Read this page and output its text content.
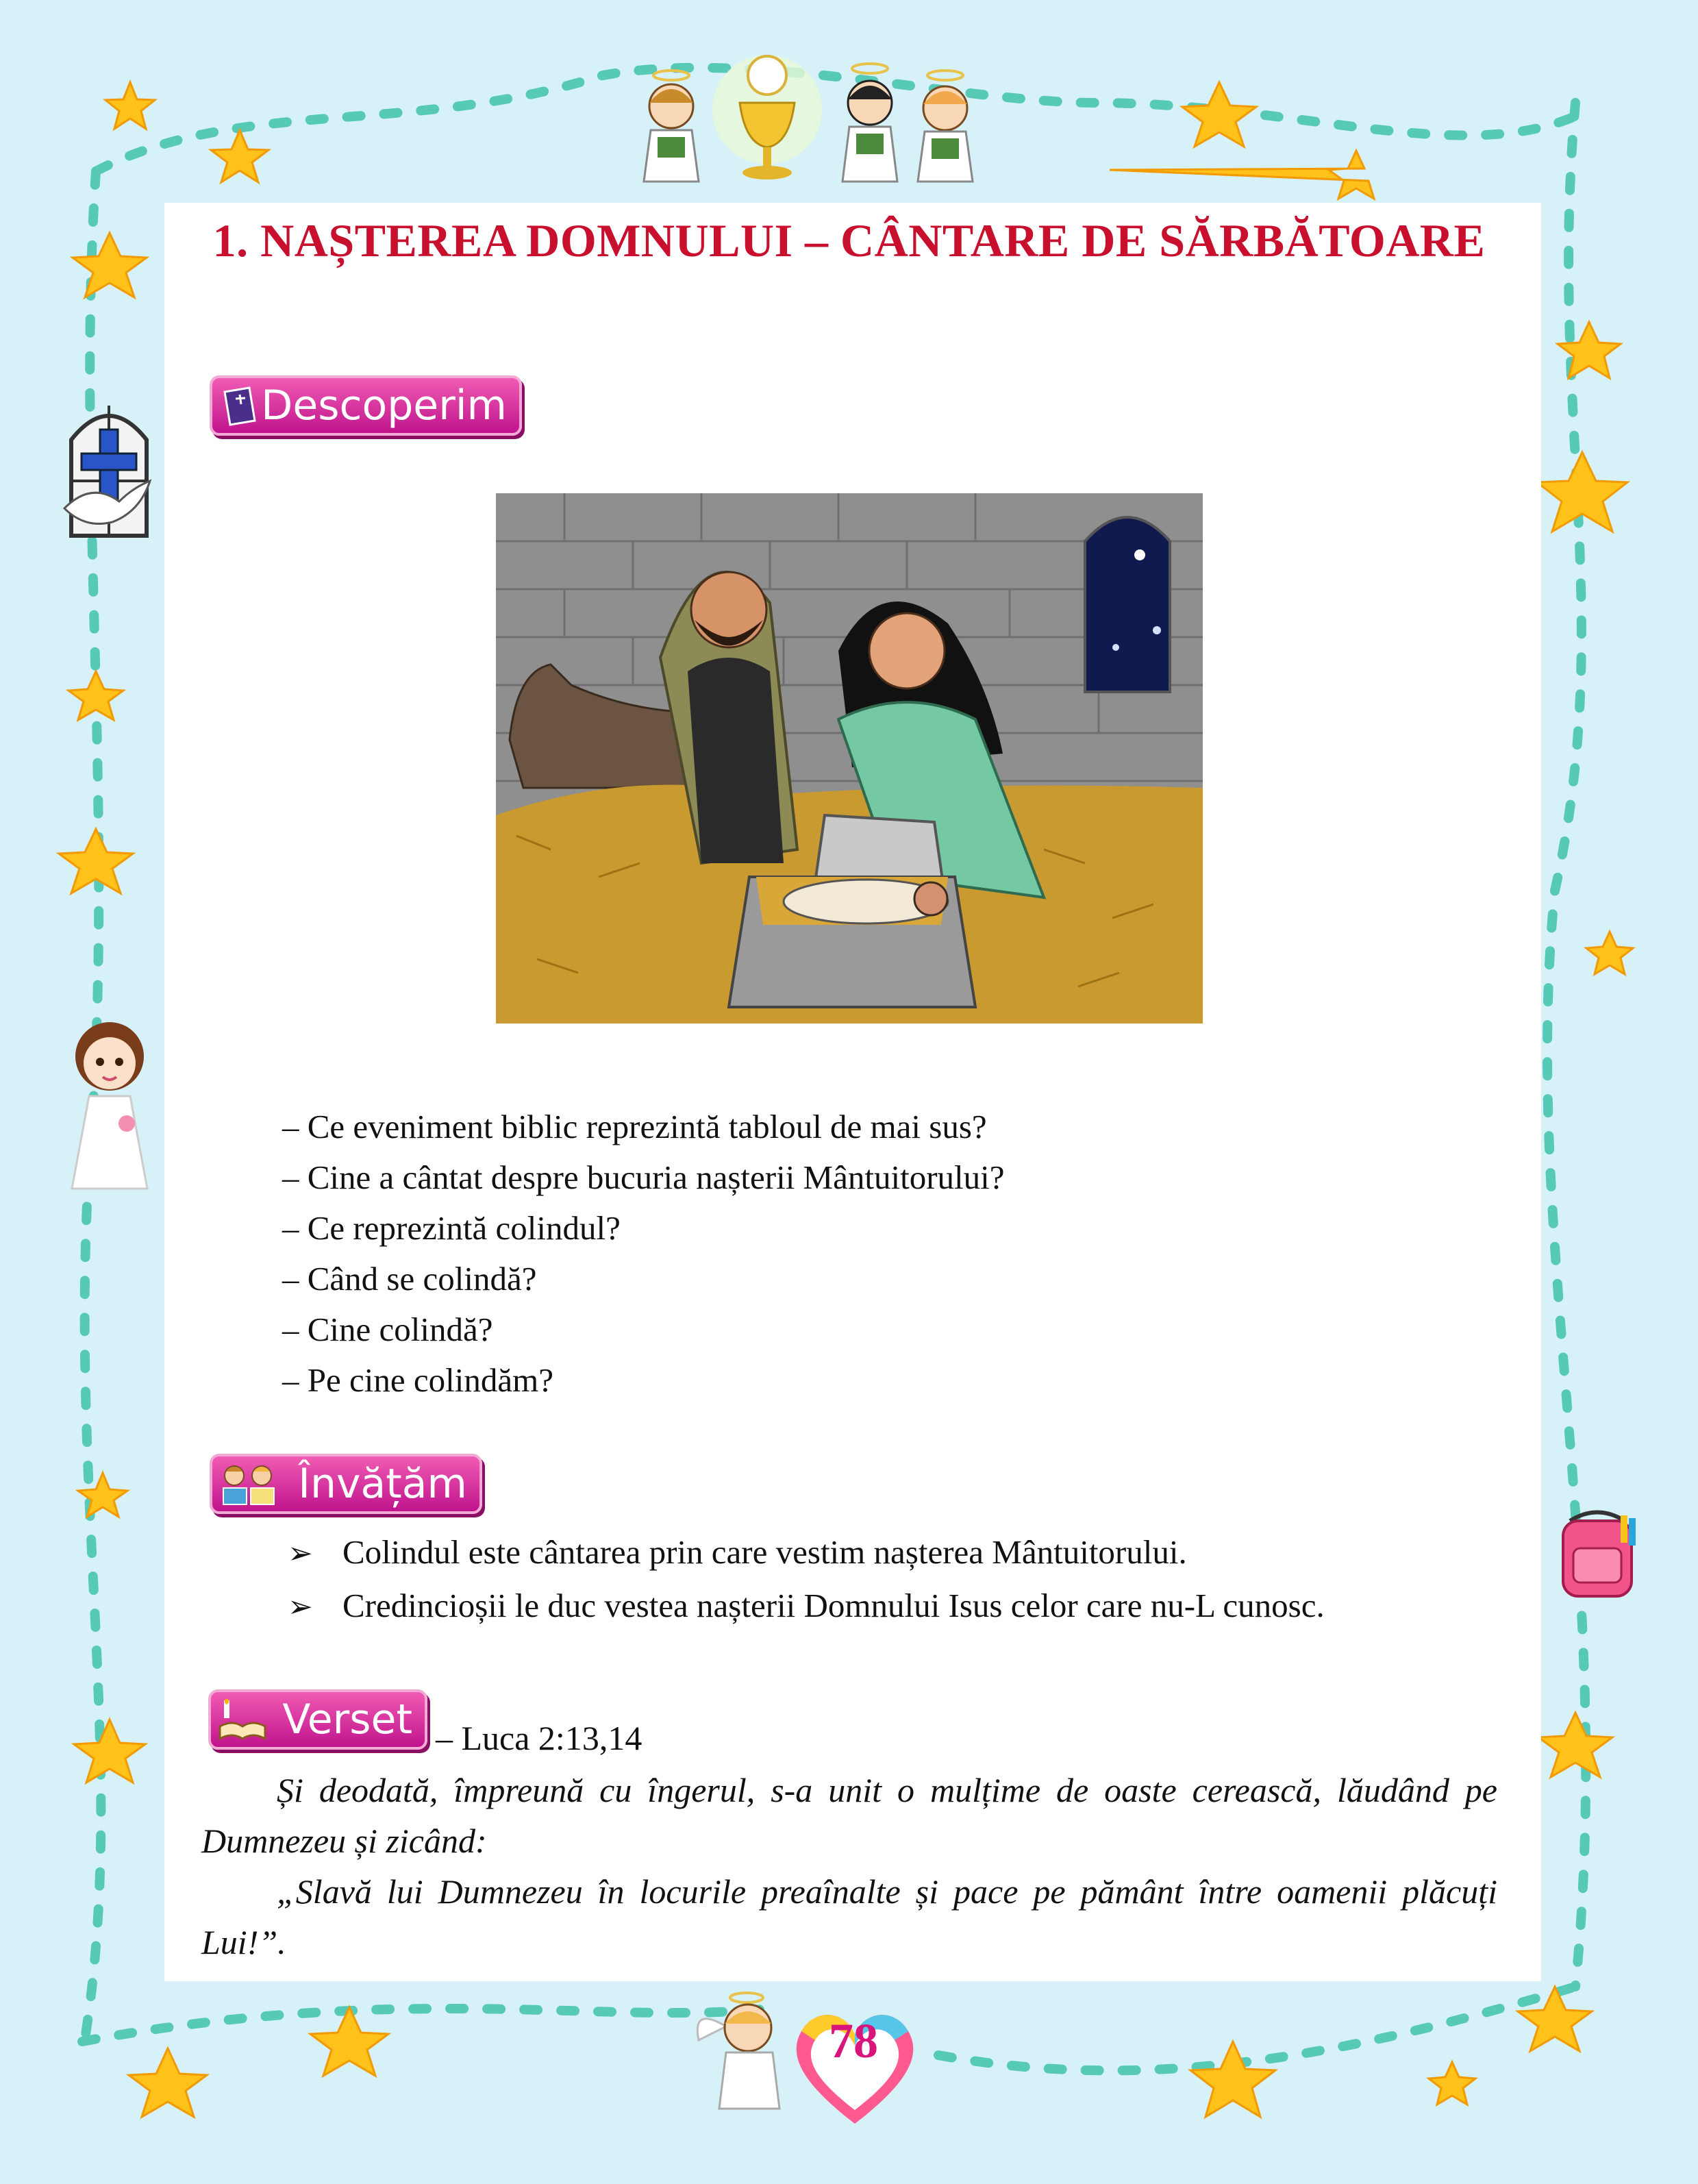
1. NAȘTEREA DOMNULUI – CÂNTARE DE SĂRBĂTOARE
Descoperim
– Ce eveniment biblic reprezintă tabloul de mai sus?
– Cine a cântat despre bucuria nașterii Mântuitorului?
– Ce reprezintă colindul?
– Când se colindă?
– Cine colindă?
– Pe cine colindăm?
Învățăm
➢ Colindul este cântarea prin care vestim nașterea Mântuitorului.
➢ Credincioșii le duc vestea nașterii Domnului Isus celor care nu-L cunosc.
Verset – Luca 2:13,14

Și deodată, împreună cu îngerul, s-a unit o mulțime de oaste cerească, lăudând pe Dumnezeu și zicând:

„Slavă lui Dumnezeu în locurile preaînalte și pace pe pământ între oamenii plăcuți Lui!”.

78
